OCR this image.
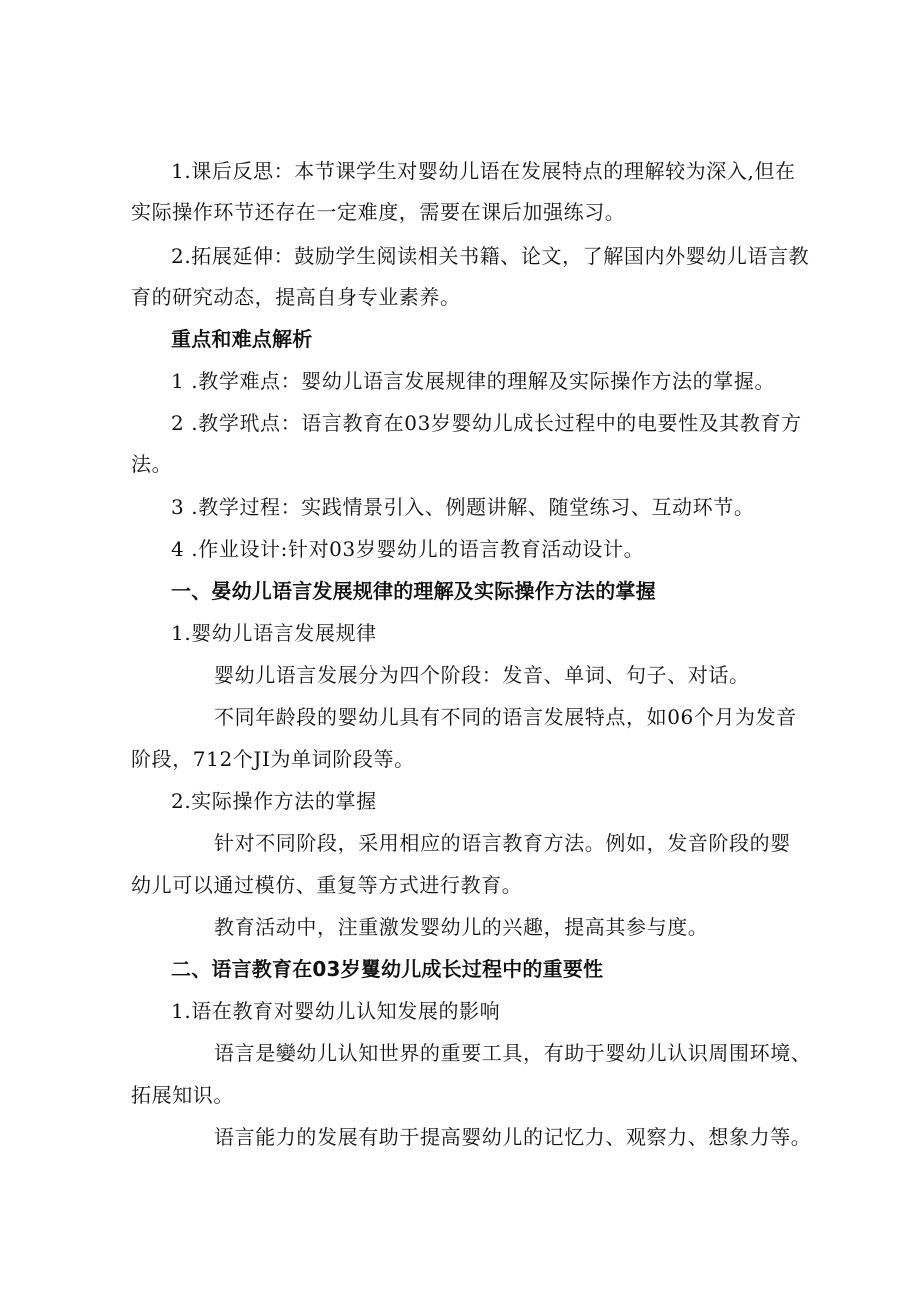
1.课后反思：本节课学生对婴幼儿语在发展特点的理解较为深入,但在
实际操作环节还存在一定难度，需要在课后加强练习。
2.拓展延伸：鼓励学生阅读相关书籍、论文，了解国内外婴幼儿语言教
育的研究动态，提高自身专业素养。
重点和难点解析
1 .教学难点：婴幼儿语言发展规律的理解及实际操作方法的掌握。
2 .教学玳点：语言教育在03岁婴幼儿成长过程中的电要性及其教育方
法。
3 .教学过程：实践情景引入、例题讲解、随堂练习、互动环节。
4 .作业设计:针对03岁婴幼儿的语言教育活动设计。
一、晏幼儿语言发展规律的理解及实际操作方法的掌握
1.婴幼儿语言发展规律
婴幼儿语言发展分为四个阶段：发音、单词、句子、对话。
不同年龄段的婴幼儿具有不同的语言发展特点，如06个月为发音
阶段，712个JI为单词阶段等。
2.实际操作方法的掌握
针对不同阶段，采用相应的语言教育方法。例如，发音阶段的婴
幼儿可以通过模仿、重复等方式进行教育。
教育活动中，注重激发婴幼儿的兴趣，提高其参与度。
二、语言教育在03岁矍幼儿成长过程中的重要性
1.语在教育对婴幼儿认知发展的影响
语言是孌幼儿认知世界的重要工具，有助于婴幼儿认识周围环境、
拓展知识。
语言能力的发展有助于提高婴幼儿的记忆力、观察力、想象力等。
